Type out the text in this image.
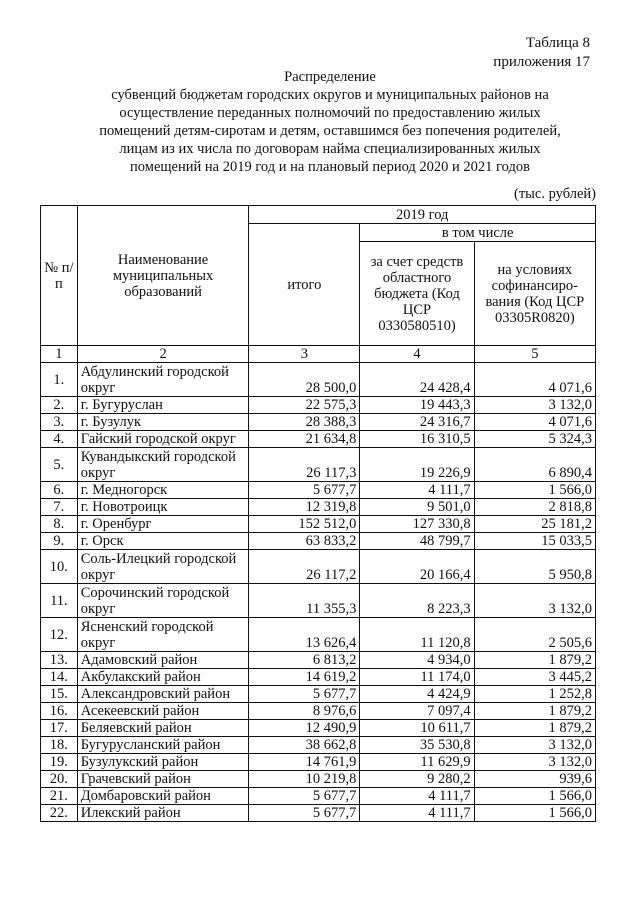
Таблица 8
приложения 17
Распределение
субвенций бюджетам городских округов и муниципальных районов на
осуществление переданных полномочий по предоставлению жилых
помещений детям-сиротам и детям, оставшимся без попечения родителей,
лицам из их числа по договорам найма специализированных жилых
помещений на 2019 год и на плановый период 2020 и 2021 годов
(тыс. рублей)
№ п/п	Наименование муниципальных образований	2019 год		
		итого	в том числе	
			за счет средств областного бюджета (Код ЦСР 0330580510)	на условиях софинансиро-вания (Код ЦСР 03305R0820)
1	2	3	4	5
1.	Абдулинский городской округ	28 500,0	24 428,4	4 071,6
2.	г. Бугуруслан	22 575,3	19 443,3	3 132,0
3.	г. Бузулук	28 388,3	24 316,7	4 071,6
4.	Гайский городской округ	21 634,8	16 310,5	5 324,3
5.	Кувандыкский городской округ	26 117,3	19 226,9	6 890,4
6.	г. Медногорск	5 677,7	4 111,7	1 566,0
7.	г. Новотроицк	12 319,8	9 501,0	2 818,8
8.	г. Оренбург	152 512,0	127 330,8	25 181,2
9.	г. Орск	63 833,2	48 799,7	15 033,5
10.	Соль-Илецкий городской округ	26 117,2	20 166,4	5 950,8
11.	Сорочинский городской округ	11 355,3	8 223,3	3 132,0
12.	Ясненский городской округ	13 626,4	11 120,8	2 505,6
13.	Адамовский район	6 813,2	4 934,0	1 879,2
14.	Акбулакский район	14 619,2	11 174,0	3 445,2
15.	Александровский район	5 677,7	4 424,9	1 252,8
16.	Асекеевский район	8 976,6	7 097,4	1 879,2
17.	Беляевский район	12 490,9	10 611,7	1 879,2
18.	Бугурусланский район	38 662,8	35 530,8	3 132,0
19.	Бузулукский район	14 761,9	11 629,9	3 132,0
20.	Грачевский район	10 219,8	9 280,2	939,6
21.	Домбаровский район	5 677,7	4 111,7	1 566,0
22.	Илекский район	5 677,7	4 111,7	1 566,0
